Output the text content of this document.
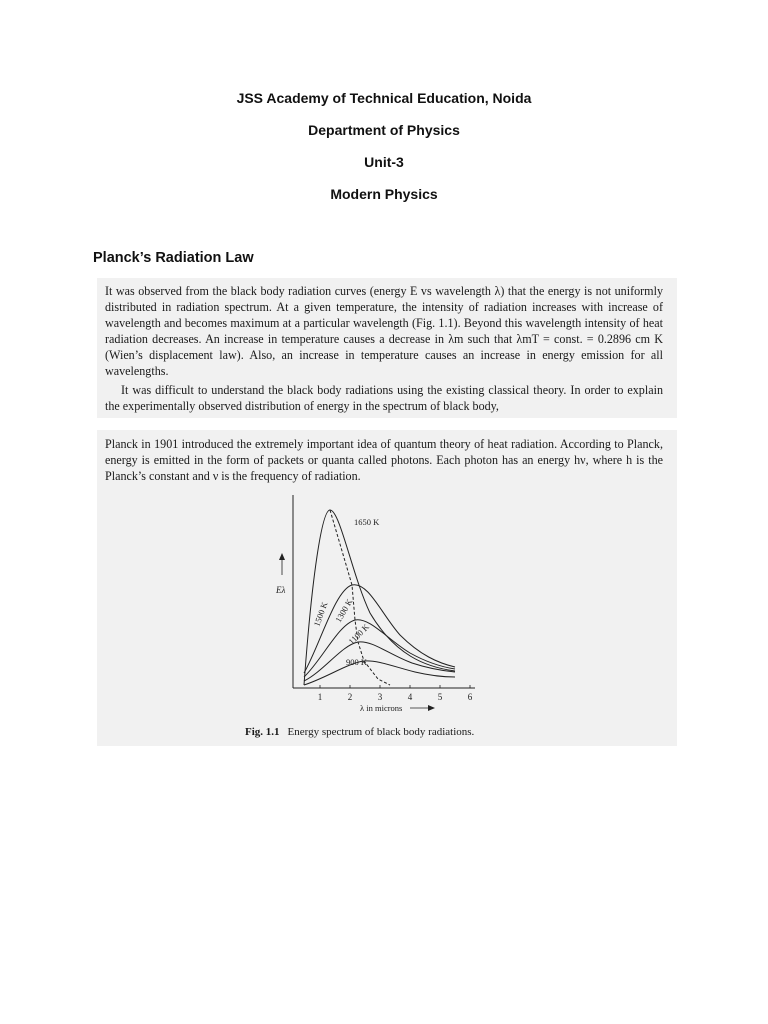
JSS Academy of Technical Education, Noida
Department of Physics
Unit-3
Modern Physics
Planck’s Radiation Law
It was observed from the black body radiation curves (energy E vs wavelength λ) that the energy is not uniformly distributed in radiation spectrum. At a given temperature, the intensity of radiation increases with increase of wavelength and becomes maximum at a particular wavelength (Fig. 1.1). Beyond this wavelength intensity of heat radiation decreases. An increase in temperature causes a decrease in λm such that λmT = const. = 0.2896 cm K (Wien’s displacement law). Also, an increase in temperature causes an increase in energy emission for all wavelengths.
It was difficult to understand the black body radiations using the existing classical theory. In order to explain the experimentally observed distribution of energy in the spectrum of black body,
Planck in 1901 introduced the extremely important idea of quantum theory of heat radiation. According to Planck, energy is emitted in the form of packets or quanta called photons. Each photon has an energy hν, where h is the Planck’s constant and ν is the frequency of radiation.
Eλ
1	2	3	4	5	6
λ in microns
1650 K
1500 K 1300 K
1100 K
900 K
Fig. 1.1 Energy spectrum of black body radiations.
